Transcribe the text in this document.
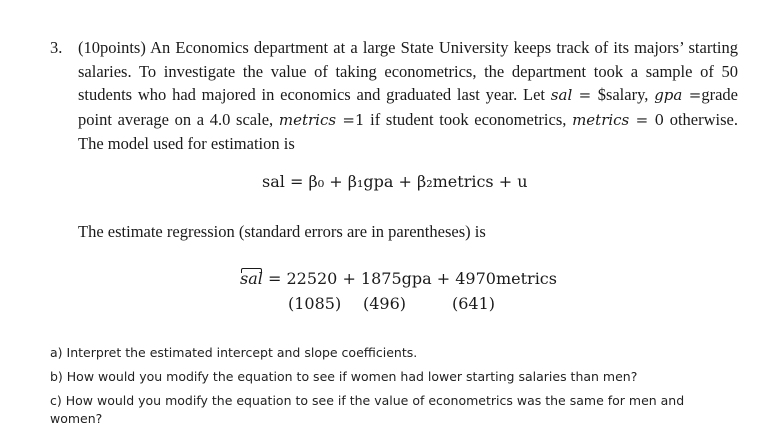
3. (10points) An Economics department at a large State University keeps track of its majors’ starting salaries. To investigate the value of taking econometrics, the department took a sample of 50 students who had majored in economics and graduated last year. Let sal = $salary, gpa =grade point average on a 4.0 scale, metrics =1 if student took econometrics, metrics = 0 otherwise. The model used for estimation is
sal = β₀ + β₁gpa + β₂metrics + u
The estimate regression (standard errors are in parentheses) is
sal = 22520 + 1875gpa + 4970metrics
(1085) (496)	(641)
a) Interpret the estimated intercept and slope coefficients.
b) How would you modify the equation to see if women had lower starting salaries than men?
c) How would you modify the equation to see if the value of econometrics was the same for men and women?
